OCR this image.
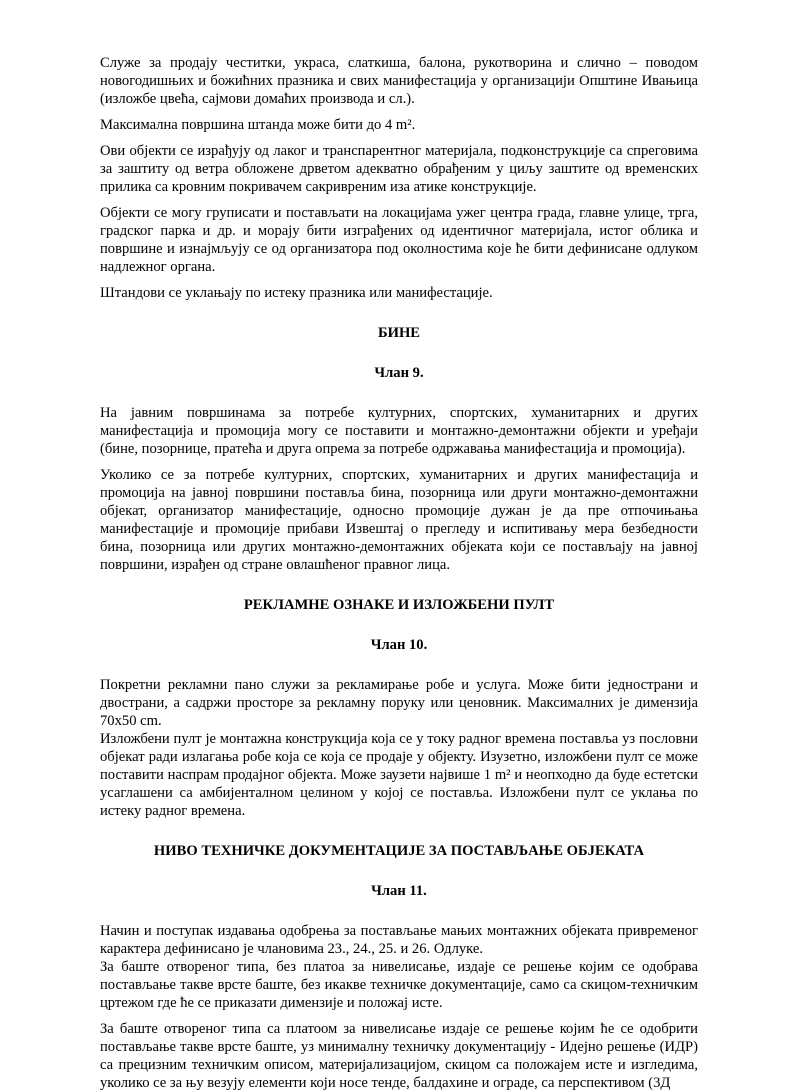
Служе за продају честитки, украса, слаткиша, балона, рукотворина и слично – поводом новогодишњих и божићних празника и свих манифестација у организацији Општине Ивањица (изложбе цвећа, сајмови домаћих производа и сл.).

Максимална површина штанда може бити до 4 m².

Ови објекти се израђују од лаког и транспарентног материјала, подконструкције са спреговима за заштиту од ветра обложене дрветом адекватно обрађеним у циљу заштите од временских прилика са кровним покривачем сакривреним иза атике конструкције.

Објекти се могу груписати и постављати на локацијама ужег центра града, главне улице, трга, градског парка и др. и морају бити изграђених од идентичног материјала, истог облика и површине и изнајмљују се од организатора под околностима које ће бити дефинисане одлуком надлежног органа.

Штандови се уклањају по истеку празника или манифестације.

БИНЕ
Члан 9.

На јавним површинама за потребе културних, спортских, хуманитарних и других манифестација и промоција могу се поставити и монтажно-демонтажни објекти и уређаји (бине, позорнице, пратећа и друга опрема за потребе одржавања манифестација и промоција).

Уколико се за потребе културних, спортских, хуманитарних и других манифестација и промоција на јавној површини поставља бина, позорница или други монтажно-демонтажни објекат, организатор манифестације, односно промоције дужан је да пре отпочињања манифестације и промоције прибави Извештај о прегледу и испитивању мера безбедности бина, позорница или других монтажно-демонтажних објеката који се постављају на јавној површини, израђен од стране овлашћеног правног лица.

РЕКЛАМНЕ ОЗНАКЕ И ИЗЛОЖБЕНИ ПУЛТ
Члан 10.

Покретни рекламни пано служи за рекламирање робе и услуга. Може бити једнострани и двострани, а садржи просторе за рекламну поруку или ценовник. Максималних је димензија 70x50 cm.

Изложбени пулт је монтажна конструкција која се у току радног времена поставља уз пословни објекат ради излагања робе која се која се продаје у објекту. Изузетно, изложбени пулт се може поставити наспрам продајног објекта. Може заузети највише 1 m² и неопходно да буде естетски усаглашени са амбијенталном целином у којој се поставља. Изложбени пулт се уклања по истеку радног времена.

НИВО ТЕХНИЧКЕ ДОКУМЕНТАЦИЈЕ ЗА ПОСТАВЉАЊЕ ОБЈЕКАТА
Члан 11.

Начин и поступак издавања одобрења за постављање мањих монтажних објеката привременог карактера дефинисано је члановима 23., 24., 25. и 26. Одлуке.

За баште отвореног типа, без платоа за нивелисање, издаје се решење којим се одобрава постављање такве врсте баште, без икакве техничке документације, само са скицом-техничким цртежом где ће се приказати димензије и положај исте.

За баште отвореног типа са платоом за нивелисање издаје се решење којим ће се одобрити постављање такве врсте баште, уз минималну техничку документацију - Идејно решење (ИДР) са прецизним техничким описом, материјализацијом, скицом са положајем исте и изгледима, уколико се за њу везују елементи који носе тенде, балдахине и ограде, са перспективом (3Д
